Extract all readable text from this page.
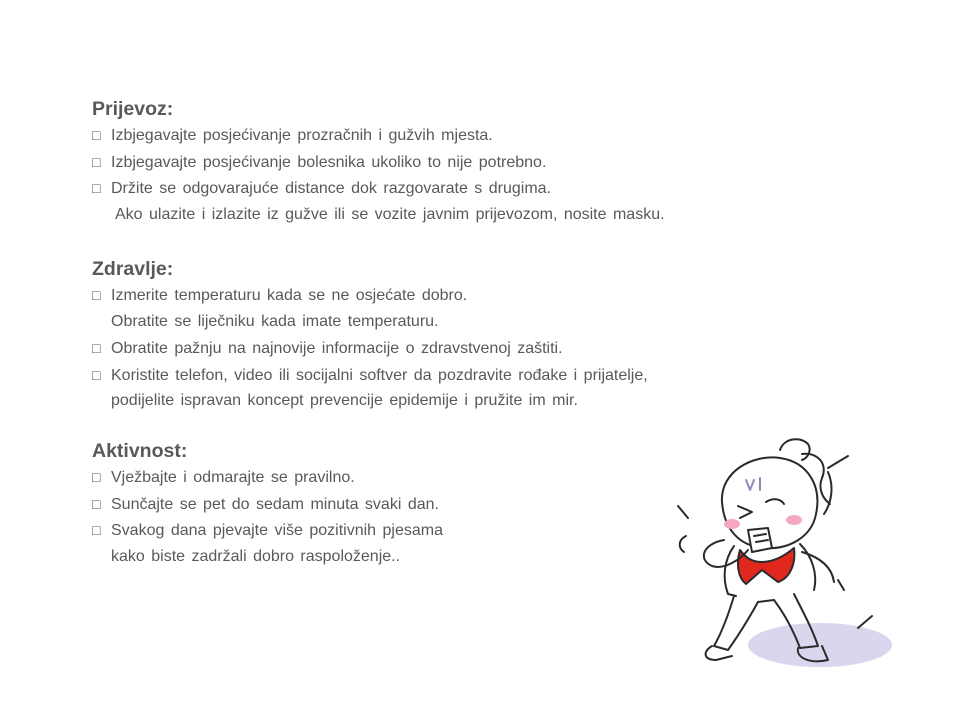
Prijevoz:
□ Izbjegavajte posjećivanje prozračnih i gužvih mjesta.
□ Izbjegavajte posjećivanje bolesnika ukoliko to nije potrebno.
□ Držite se odgovarajuće distance dok razgovarate s drugima.
Ako ulazite i izlazite iz gužve ili se vozite javnim prijevozom, nosite masku.
Zdravlje:
□ Izmerite temperaturu kada se ne osjećate dobro.
Obratite se liječniku kada imate temperaturu.
□ Obratite pažnju na najnovije informacije o zdravstvenoj zaštiti.
□ Koristite telefon, video ili socijalni softver da pozdravite rođake i prijatelje,
podijelite ispravan koncept prevencije epidemije i pružite im mir.
Aktivnost:
□ Vježbajte i odmarajte se pravilno.
□ Sunčajte se pet do sedam minuta svaki dan.
□ Svakog dana pjevajte više pozitivnih pjesama
kako biste zadržali dobro raspoloženje..
